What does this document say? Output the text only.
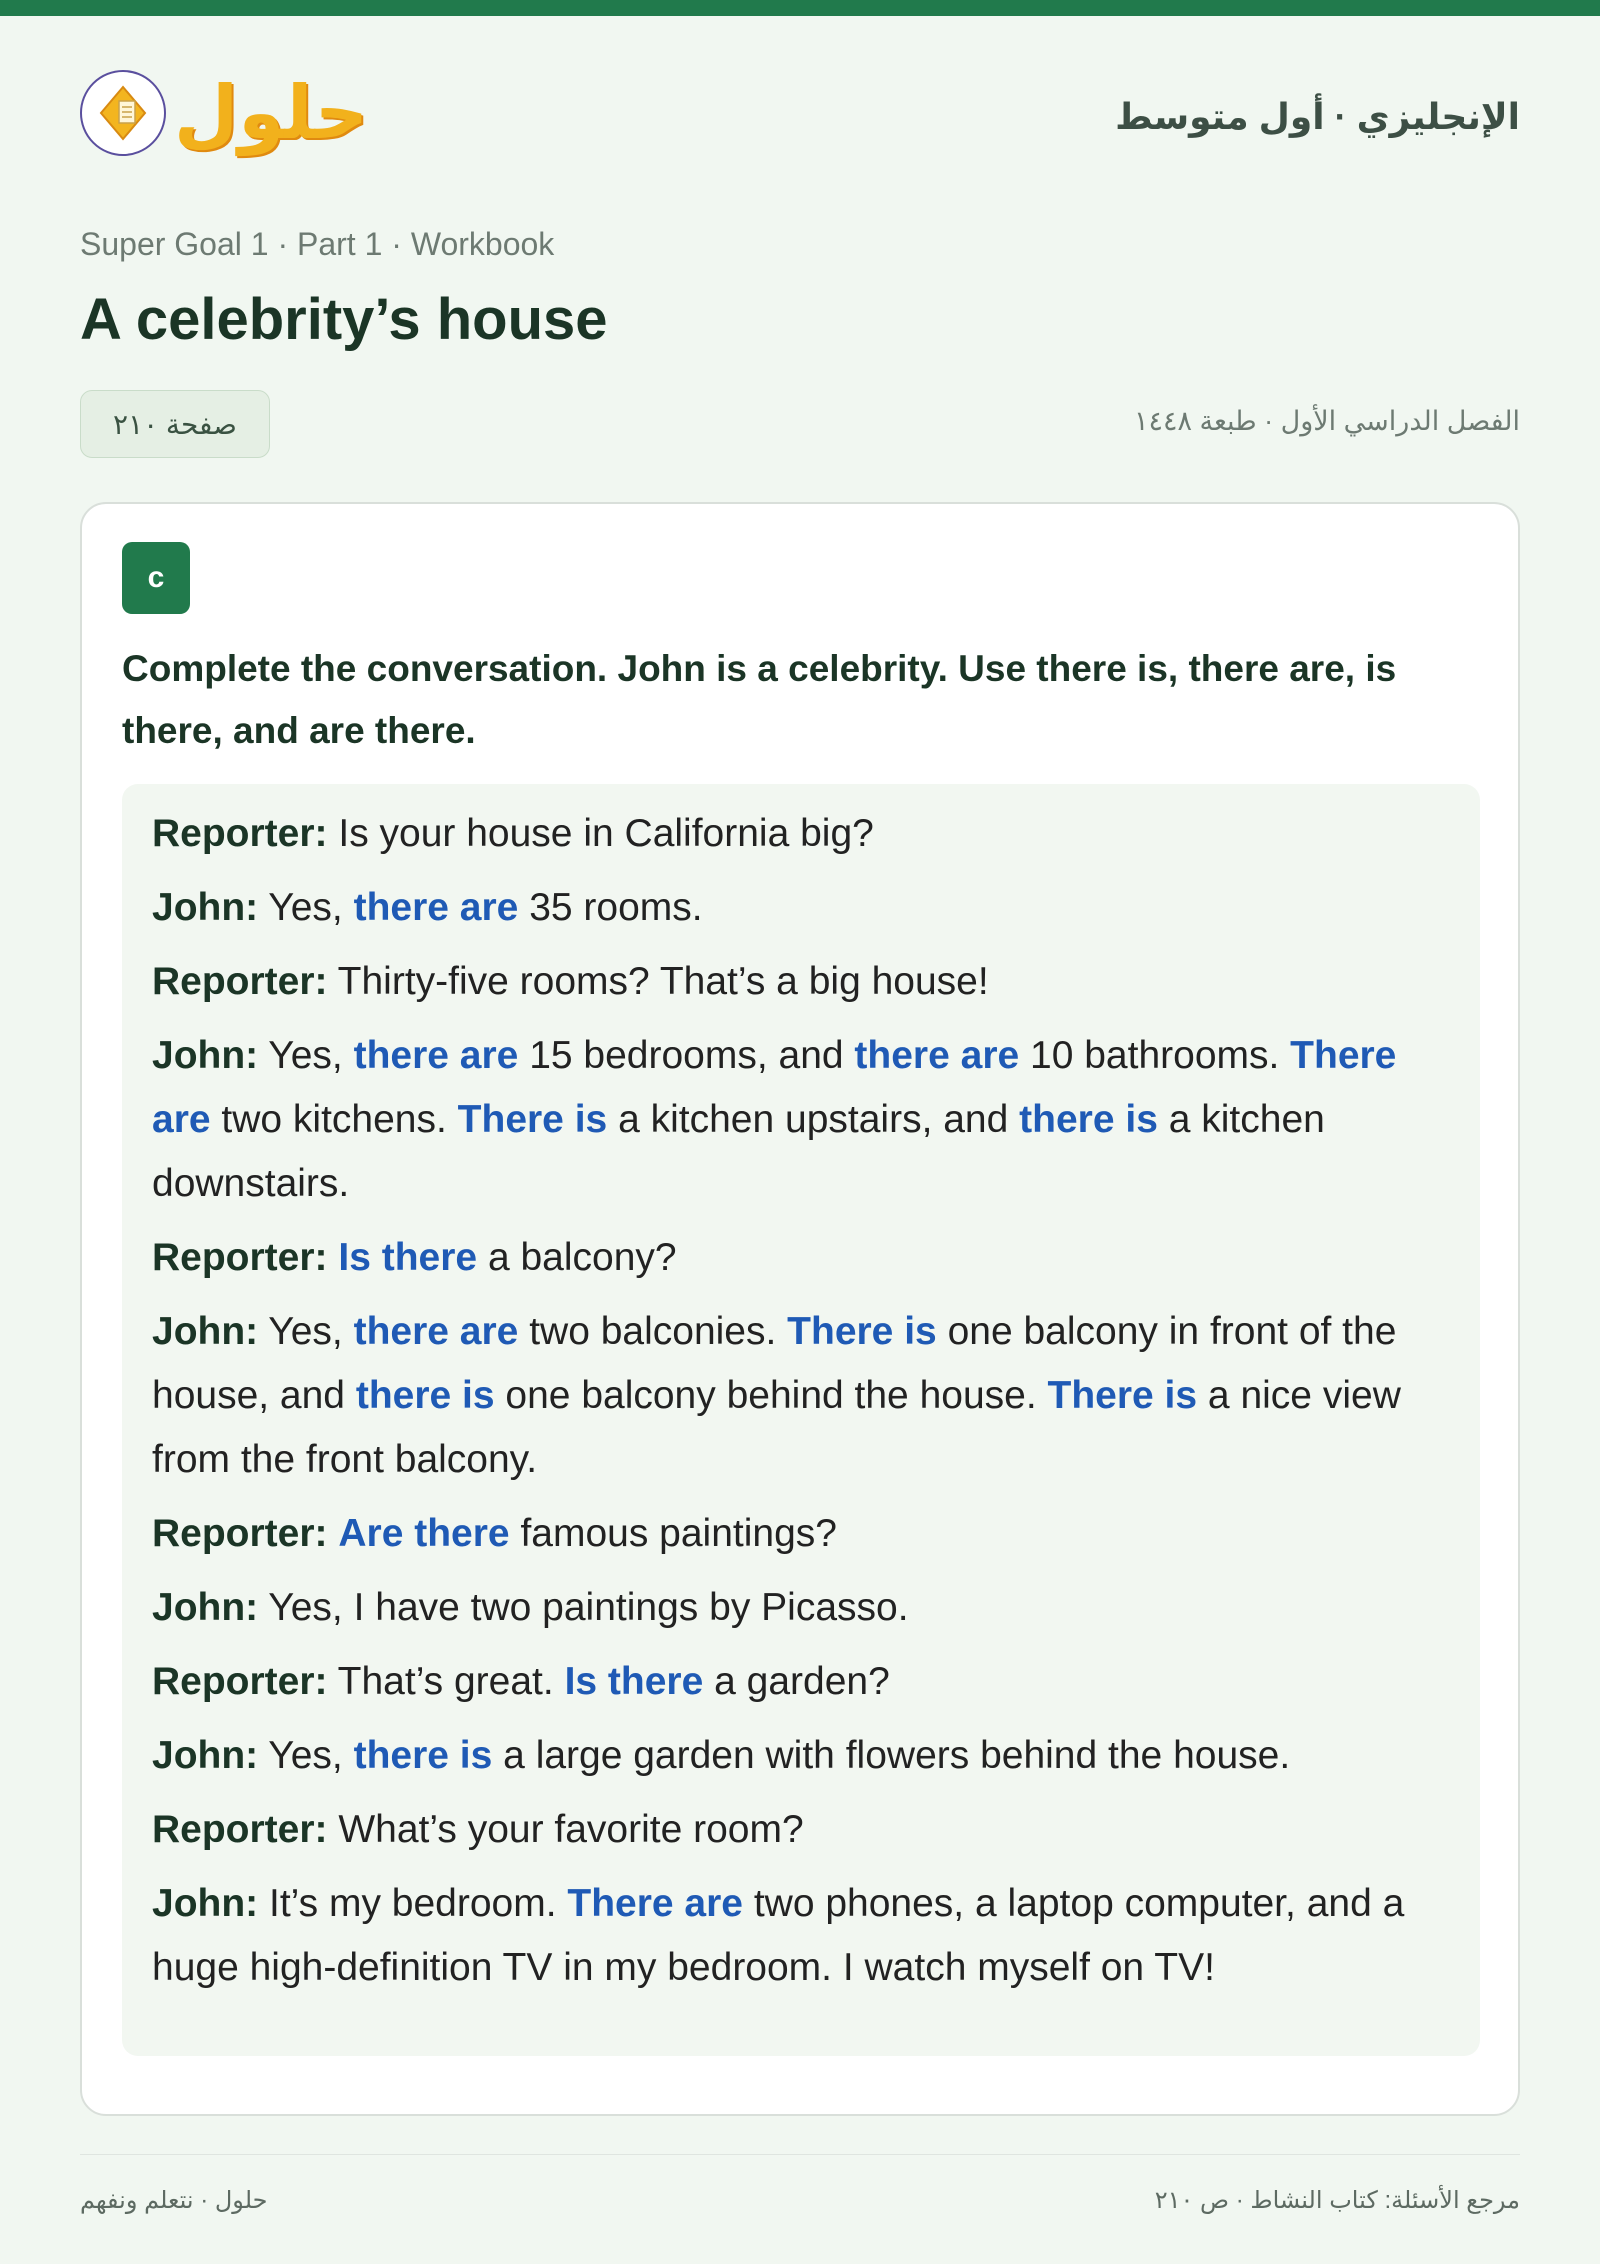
حلول	الإنجليزي · أول متوسط
Super Goal 1 · Part 1 · Workbook
A celebrity’s house
صفحة ٢١٠	الفصل الدراسي الأول · طبعة ١٤٤٨
c

Complete the conversation. John is a celebrity. Use there is, there are, is there, and are there.

Reporter: Is your house in California big?

John: Yes, there are 35 rooms.

Reporter: Thirty-five rooms? That’s a big house!

John: Yes, there are 15 bedrooms, and there are 10 bathrooms. There are two kitchens. There is a kitchen upstairs, and there is a kitchen downstairs.

Reporter: Is there a balcony?

John: Yes, there are two balconies. There is one balcony in front of the house, and there is one balcony behind the house. There is a nice view from the front balcony.

Reporter: Are there famous paintings?

John: Yes, I have two paintings by Picasso.

Reporter: That’s great. Is there a garden?

John: Yes, there is a large garden with flowers behind the house.

Reporter: What’s your favorite room?

John: It’s my bedroom. There are two phones, a laptop computer, and a huge high-definition TV in my bedroom. I watch myself on TV!

حلول · نتعلم ونفهم	مرجع الأسئلة: كتاب النشاط · ص ٢١٠
